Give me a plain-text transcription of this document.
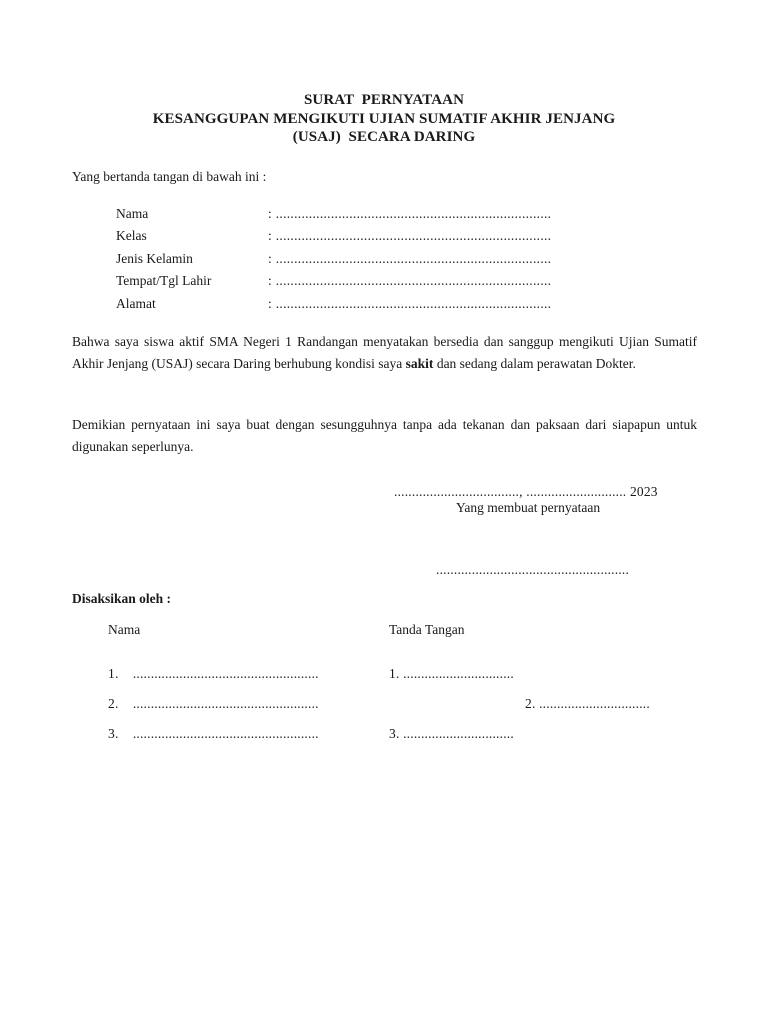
SURAT  PERNYATAAN
KESANGGUPAN MENGIKUTI UJIAN SUMATIF AKHIR JENJANG
(USAJ)  SECARA DARING
Yang bertanda tangan di bawah ini :
Nama	: ...........................................................................
Kelas	: ...........................................................................
Jenis Kelamin	: ...........................................................................
Tempat/Tgl Lahir	: ...........................................................................
Alamat	: ...........................................................................
Bahwa saya siswa aktif SMA Negeri 1 Randangan menyatakan bersedia dan sanggup mengikuti Ujian Sumatif Akhir Jenjang (USAJ) secara Daring berhubung kondisi saya sakit dan sedang dalam perawatan Dokter.
Demikian pernyataan ini saya buat dengan sesungguhnya tanpa ada tekanan dan paksaan dari siapapun untuk digunakan seperlunya.
..................................., ............................ 2023
Yang membuat pernyataan
......................................................
Disaksikan oleh :
Nama	Tanda Tangan
1.    ....................................................	1. ...............................
2.    ....................................................	2. ...............................
3.    ....................................................	3. ...............................
